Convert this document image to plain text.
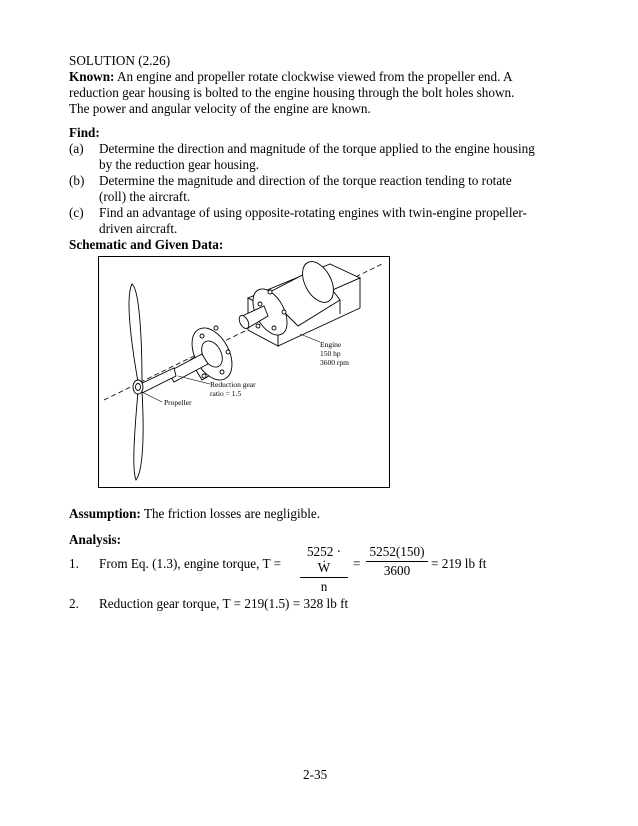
SOLUTION (2.26)
Known: An engine and propeller rotate clockwise viewed from the propeller end. A
reduction gear housing is bolted to the engine housing through the bolt holes shown.
The power and angular velocity of the engine are known.
Find:
(a) Determine the direction and magnitude of the torque applied to the engine housing
by the reduction gear housing.
(b) Determine the magnitude and direction of the torque reaction tending to rotate
(roll) the aircraft.
(c) Find an advantage of using opposite-rotating engines with twin-engine propeller-
driven aircraft.
Schematic and Given Data:
Engine
150 hp
3600 rpm
Reduction gear
ratio = 1.5
Propeller
Assumption: The friction losses are negligible.
Analysis:
1. From Eq. (1.3), engine torque, T =
5252 · Ẇ
n
=
5252(150)
3600	= 219 lb ft
2. Reduction gear torque, T = 219(1.5) = 328 lb ft
2-35
